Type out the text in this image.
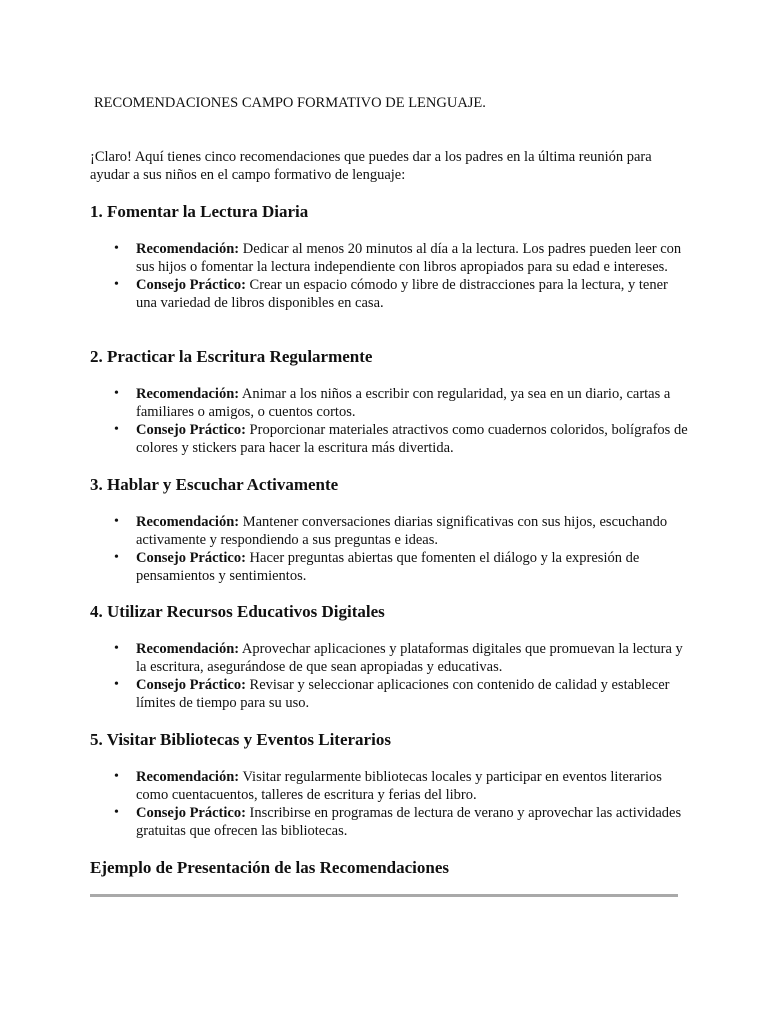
RECOMENDACIONES CAMPO FORMATIVO DE LENGUAJE.

¡Claro! Aquí tienes cinco recomendaciones que puedes dar a los padres en la última reunión para ayudar a sus niños en el campo formativo de lenguaje:

1. Fomentar la Lectura Diaria
• Recomendación: Dedicar al menos 20 minutos al día a la lectura. Los padres pueden leer con sus hijos o fomentar la lectura independiente con libros apropiados para su edad e intereses.
• Consejo Práctico: Crear un espacio cómodo y libre de distracciones para la lectura, y tener una variedad de libros disponibles en casa.
2. Practicar la Escritura Regularmente
• Recomendación: Animar a los niños a escribir con regularidad, ya sea en un diario, cartas a familiares o amigos, o cuentos cortos.
• Consejo Práctico: Proporcionar materiales atractivos como cuadernos coloridos, bolígrafos de colores y stickers para hacer la escritura más divertida.
3. Hablar y Escuchar Activamente
• Recomendación: Mantener conversaciones diarias significativas con sus hijos, escuchando activamente y respondiendo a sus preguntas e ideas.
• Consejo Práctico: Hacer preguntas abiertas que fomenten el diálogo y la expresión de pensamientos y sentimientos.
4. Utilizar Recursos Educativos Digitales
• Recomendación: Aprovechar aplicaciones y plataformas digitales que promuevan la lectura y la escritura, asegurándose de que sean apropiadas y educativas.
• Consejo Práctico: Revisar y seleccionar aplicaciones con contenido de calidad y establecer límites de tiempo para su uso.
5. Visitar Bibliotecas y Eventos Literarios
• Recomendación: Visitar regularmente bibliotecas locales y participar en eventos literarios como cuentacuentos, talleres de escritura y ferias del libro.
• Consejo Práctico: Inscribirse en programas de lectura de verano y aprovechar las actividades gratuitas que ofrecen las bibliotecas.
Ejemplo de Presentación de las Recomendaciones
